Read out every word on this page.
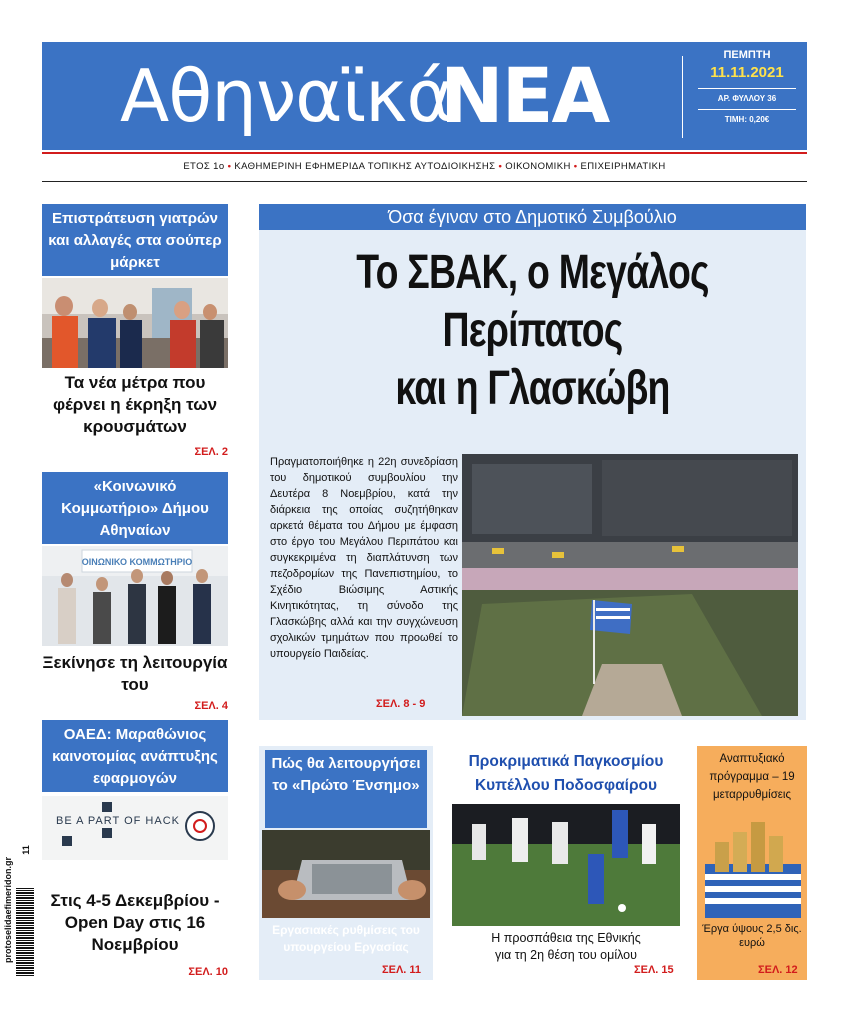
Αθηναϊκά
ΝΕΑ	ΠΕΜΠΤΗ
11.11.2021
ΑΡ. ΦΥΛΛΟΥ 36
ΤΙΜΗ: 0,20€
ΕΤΟΣ 1ο • ΚΑΘΗΜΕΡΙΝΗ ΕΦΗΜΕΡΙΔΑ ΤΟΠΙΚΗΣ ΑΥΤΟΔΙΟΙΚΗΣΗΣ • ΟΙΚΟΝΟΜΙΚΗ • ΕΠΙΧΕΙΡΗΜΑΤΙΚΗ
Επιστράτευση γιατρών και αλλαγές στα σούπερ μάρκετ
Τα νέα μέτρα που φέρνει η έκρηξη των κρουσμάτων
ΣΕΛ. 2
«Κοινωνικό Κομμωτήριο» Δήμου Αθηναίων
ΟΙΝΩΝΙΚΟ ΚΟΜΜΩΤΗΡΙΟ
Ξεκίνησε τη λειτουργία του
ΣΕΛ. 4
ΟΑΕΔ: Μαραθώνιος καινοτομίας ανάπτυξης εφαρμογών
BE A PART OF HACK
Στις 4-5 Δεκεμβρίου - Open Day στις 16 Νοεμβρίου
ΣΕΛ. 10
protoselidaefimeridon.gr
11
Όσα έγιναν στο Δημοτικό Συμβούλιο
Το ΣΒΑΚ, ο Μεγάλος
Περίπατος
και η Γλασκώβη
Πραγματοποιήθηκε η 22η συνεδρίαση του δημοτικού συμβουλίου την Δευτέρα 8 Νοεμβρίου, κατά την διάρκεια της οποίας συζητήθηκαν αρκετά θέματα του Δήμου με έμφαση στο έργο του Μεγάλου Περιπάτου και συγκεκριμένα τη διαπλάτυνση των πεζοδρομίων της Πανεπιστημίου, το Σχέδιο Βιώσιμης Αστικής Κινητικότητας, τη σύνοδο της Γλασκώβης αλλά και την συγχώνευση σχολικών τμημάτων που προωθεί το υπουργείο Παιδείας.
ΣΕΛ. 8 - 9
Πώς θα λειτουργήσει το «Πρώτο Ένσημο»
Εργασιακές ρυθμίσεις του υπουργείου Εργασίας
ΣΕΛ. 11
Προκριματικά Παγκοσμίου
Κυπέλλου Ποδοσφαίρου
Η προσπάθεια της Εθνικής
για τη 2η θέση του ομίλου
ΣΕΛ. 15
Αναπτυξιακό πρόγραμμα – 19 μεταρρυθμίσεις
Έργα ύψους 2,5 δις. ευρώ
ΣΕΛ. 12
